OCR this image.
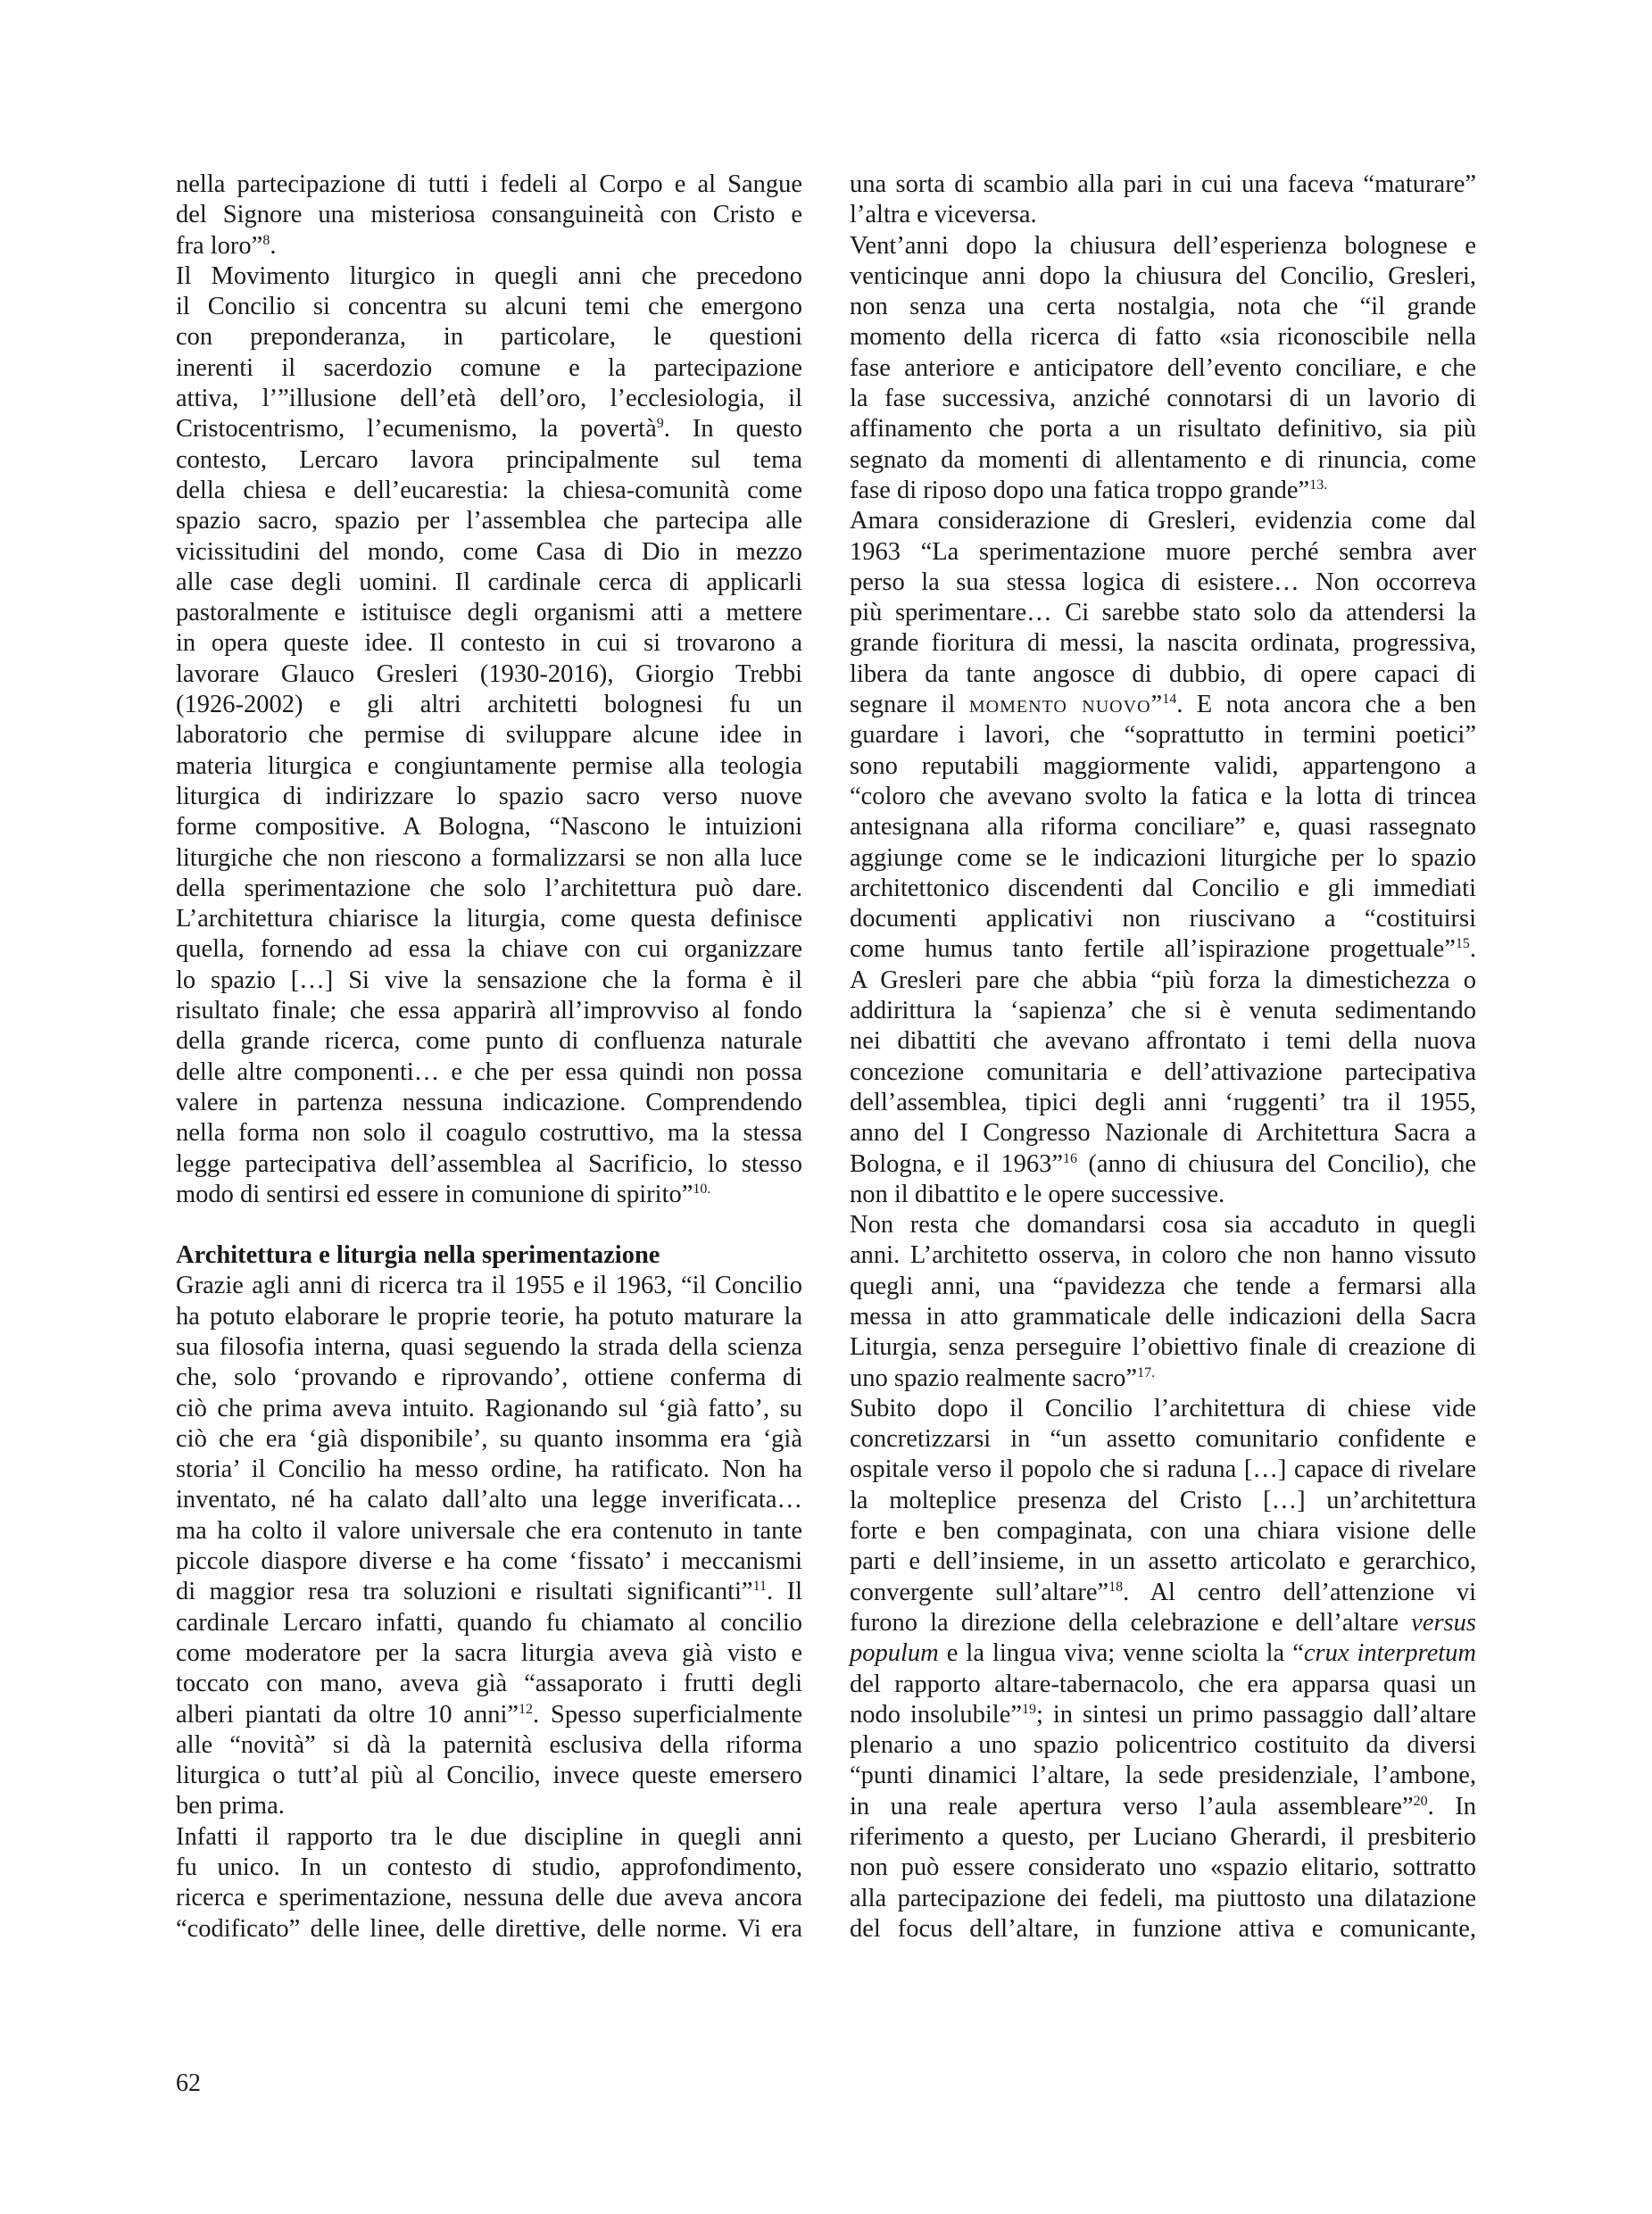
nella partecipazione di tutti i fedeli al Corpo e al Sangue
del Signore una misteriosa consanguineità con Cristo e
fra loro”$^8$.

Il Movimento liturgico in quegli anni che precedono
il Concilio si concentra su alcuni temi che emergono
con preponderanza, in particolare, le questioni
inerenti il sacerdozio comune e la partecipazione
attiva, l’”illusione dell’età dell’oro, l’ecclesiologia, il
Cristocentrismo, l’ecumenismo, la povertà$^9$. In questo
contesto, Lercaro lavora principalmente sul tema
della chiesa e dell’eucarestia: la chiesa-comunità come
spazio sacro, spazio per l’assemblea che partecipa alle
vicissitudini del mondo, come Casa di Dio in mezzo
alle case degli uomini. Il cardinale cerca di applicarli
pastoralmente e istituisce degli organismi atti a mettere
in opera queste idee. Il contesto in cui si trovarono a
lavorare Glauco Gresleri (1930-2016), Giorgio Trebbi
(1926-2002) e gli altri architetti bolognesi fu un
laboratorio che permise di sviluppare alcune idee in
materia liturgica e congiuntamente permise alla teologia
liturgica di indirizzare lo spazio sacro verso nuove
forme compositive. A Bologna, “Nascono le intuizioni
liturgiche che non riescono a formalizzarsi se non alla luce
della sperimentazione che solo l’architettura può dare.
L’architettura chiarisce la liturgia, come questa definisce
quella, fornendo ad essa la chiave con cui organizzare
lo spazio […] Si vive la sensazione che la forma è il
risultato finale; che essa apparirà all’improvviso al fondo
della grande ricerca, come punto di confluenza naturale
delle altre componenti… e che per essa quindi non possa
valere in partenza nessuna indicazione. Comprendendo
nella forma non solo il coagulo costruttivo, ma la stessa
legge partecipativa dell’assemblea al Sacrificio, lo stesso
modo di sentirsi ed essere in comunione di spirito”$^{10.}$

Architettura e liturgia nella sperimentazione

Grazie agli anni di ricerca tra il 1955 e il 1963, “il Concilio
ha potuto elaborare le proprie teorie, ha potuto maturare la
sua filosofia interna, quasi seguendo la strada della scienza
che, solo ‘provando e riprovando’, ottiene conferma di
ciò che prima aveva intuito. Ragionando sul ‘già fatto’, su
ciò che era ‘già disponibile’, su quanto insomma era ‘già
storia’ il Concilio ha messo ordine, ha ratificato. Non ha
inventato, né ha calato dall’alto una legge inverificata…
ma ha colto il valore universale che era contenuto in tante
piccole diaspore diverse e ha come ‘fissato’ i meccanismi
di maggior resa tra soluzioni e risultati significanti”$^{11}$. Il
cardinale Lercaro infatti, quando fu chiamato al concilio
come moderatore per la sacra liturgia aveva già visto e
toccato con mano, aveva già “assaporato i frutti degli
alberi piantati da oltre 10 anni”$^{12}$. Spesso superficialmente
alle “novità” si dà la paternità esclusiva della riforma
liturgica o tutt’al più al Concilio, invece queste emersero
ben prima.

Infatti il rapporto tra le due discipline in quegli anni
fu unico. In un contesto di studio, approfondimento,
ricerca e sperimentazione, nessuna delle due aveva ancora
“codificato” delle linee, delle direttive, delle norme. Vi era

una sorta di scambio alla pari in cui una faceva “maturare”
l’altra e viceversa.

Vent’anni dopo la chiusura dell’esperienza bolognese e
venticinque anni dopo la chiusura del Concilio, Gresleri,
non senza una certa nostalgia, nota che “il grande
momento della ricerca di fatto «sia riconoscibile nella
fase anteriore e anticipatore dell’evento conciliare, e che
la fase successiva, anziché connotarsi di un lavorio di
affinamento che porta a un risultato definitivo, sia più
segnato da momenti di allentamento e di rinuncia, come
fase di riposo dopo una fatica troppo grande”$^{13.}$

Amara considerazione di Gresleri, evidenzia come dal
1963 “La sperimentazione muore perché sembra aver
perso la sua stessa logica di esistere… Non occorreva
più sperimentare… Ci sarebbe stato solo da attendersi la
grande fioritura di messi, la nascita ordinata, progressiva,
libera da tante angosce di dubbio, di opere capaci di
segnare il momento nuovo”$^{14}$. E nota ancora che a ben
guardare i lavori, che “soprattutto in termini poetici”
sono reputabili maggiormente validi, appartengono a
“coloro che avevano svolto la fatica e la lotta di trincea
antesignana alla riforma conciliare” e, quasi rassegnato
aggiunge come se le indicazioni liturgiche per lo spazio
architettonico discendenti dal Concilio e gli immediati
documenti applicativi non riuscivano a “costituirsi
come humus tanto fertile all’ispirazione progettuale”$^{15}$.
A Gresleri pare che abbia “più forza la dimestichezza o
addirittura la ‘sapienza’ che si è venuta sedimentando
nei dibattiti che avevano affrontato i temi della nuova
concezione comunitaria e dell’attivazione partecipativa
dell’assemblea, tipici degli anni ‘ruggenti’ tra il 1955,
anno del I Congresso Nazionale di Architettura Sacra a
Bologna, e il 1963”$^{16}$ (anno di chiusura del Concilio), che
non il dibattito e le opere successive.

Non resta che domandarsi cosa sia accaduto in quegli
anni. L’architetto osserva, in coloro che non hanno vissuto
quegli anni, una “pavidezza che tende a fermarsi alla
messa in atto grammaticale delle indicazioni della Sacra
Liturgia, senza perseguire l’obiettivo finale di creazione di
uno spazio realmente sacro”$^{17.}$

Subito dopo il Concilio l’architettura di chiese vide
concretizzarsi in “un assetto comunitario confidente e
ospitale verso il popolo che si raduna […] capace di rivelare
la molteplice presenza del Cristo […] un’architettura
forte e ben compaginata, con una chiara visione delle
parti e dell’insieme, in un assetto articolato e gerarchico,
convergente sull’altare”$^{18}$. Al centro dell’attenzione vi
furono la direzione della celebrazione e dell’altare versus
populum e la lingua viva; venne sciolta la “crux interpretum
del rapporto altare-tabernacolo, che era apparsa quasi un
nodo insolubile”$^{19}$; in sintesi un primo passaggio dall’altare
plenario a uno spazio policentrico costituito da diversi
“punti dinamici l’altare, la sede presidenziale, l’ambone,
in una reale apertura verso l’aula assembleare”$^{20}$. In
riferimento a questo, per Luciano Gherardi, il presbiterio
non può essere considerato uno «spazio elitario, sottratto
alla partecipazione dei fedeli, ma piuttosto una dilatazione
del focus dell’altare, in funzione attiva e comunicante,

62
